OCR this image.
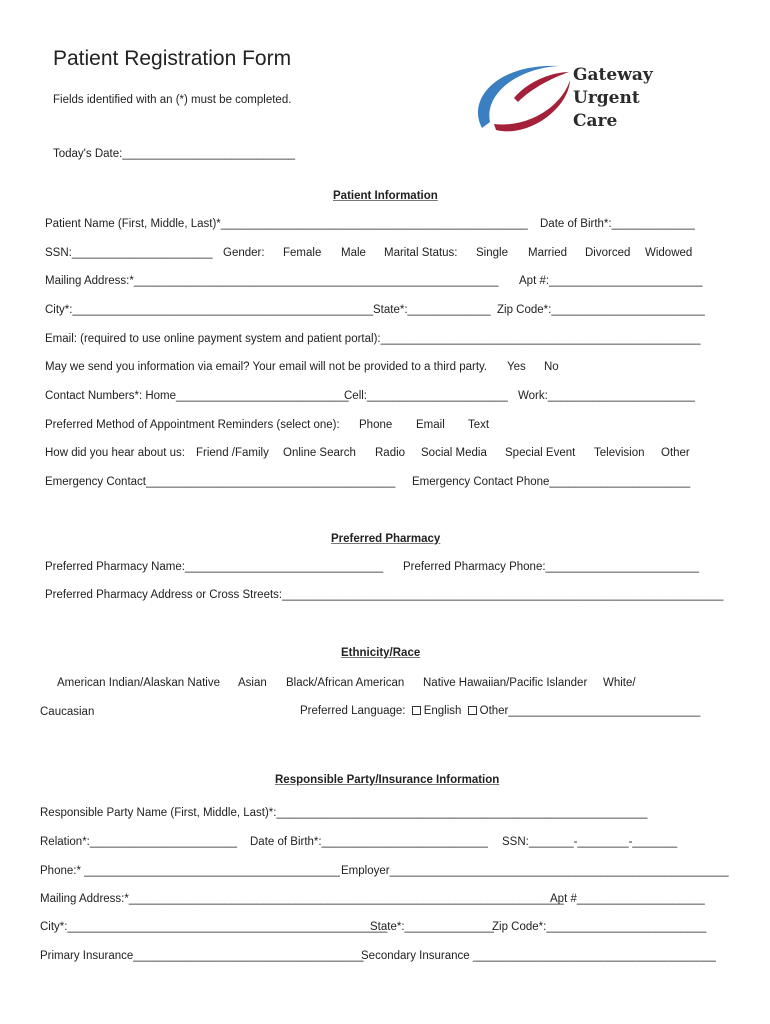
Patient Registration Form
Fields identified with an (*) must be completed.
Today's Date:___________________________
Gateway
Urgent
Care
Patient Information
Patient Name (First, Middle, Last)*________________________________________________ Date of Birth*:_____________
SSN:______________________ Gender: Female Male Marital Status: Single Married Divorced Widowed
Mailing Address:*_________________________________________________________ Apt #:________________________
City*:_______________________________________________ State*:_____________ Zip Code*:________________________
Email: (required to use online payment system and patient portal):__________________________________________________
May we send you information via email? Your email will not be provided to a third party. Yes No
Contact Numbers*: Home___________________________
Cell:______________________ Work:_______________________
Preferred Method of Appointment Reminders (select one): Phone Email Text
How did you hear about us: Friend /Family Online Search Radio Social Media Special Event Television Other
Emergency Contact_______________________________________ Emergency Contact Phone______________________
Preferred Pharmacy
Preferred Pharmacy Name:_______________________________ Preferred Pharmacy Phone:________________________
Preferred Pharmacy Address or Cross Streets:_____________________________________________________________________
Ethnicity/Race
American Indian/Alaskan Native Asian Black/African American Native Hawaiian/Pacific Islander White/
Caucasian	Preferred Language: English Other______________________________
Responsible Party/Insurance Information
Responsible Party Name (First, Middle, Last)*:__________________________________________________________
Relation*:_______________________ Date of Birth*:__________________________ SSN:_______-________-_______
Phone:* ________________________________________ Employer_____________________________________________________
Mailing Address:*____________________________________________________________________
Apt #____________________
City*:__________________________________________________
State*:______________
Zip Code*:_________________________
Primary Insurance____________________________________
Secondary Insurance ______________________________________
